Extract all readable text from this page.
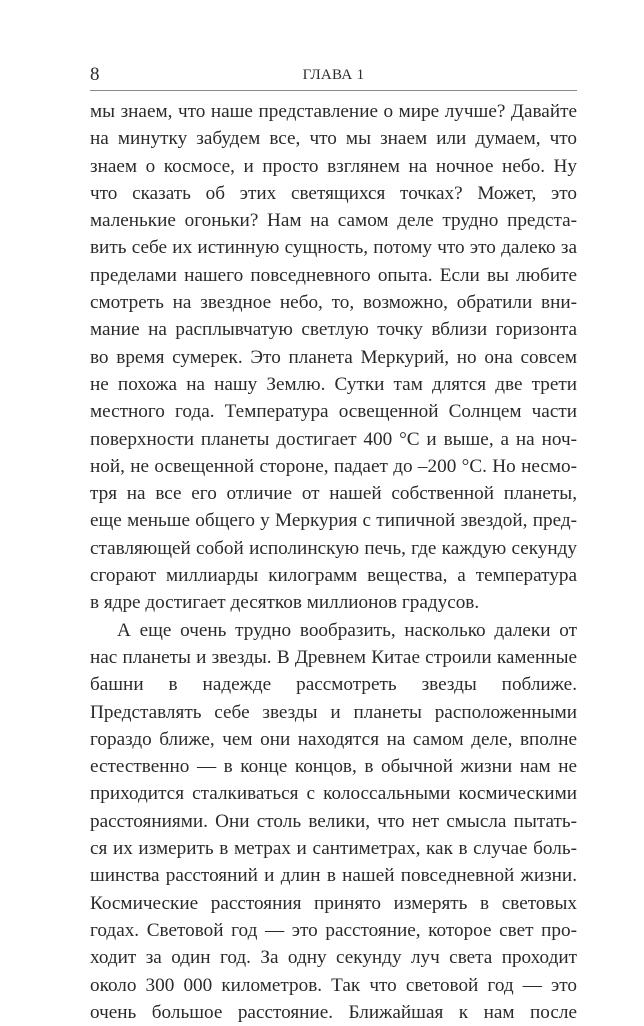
8	ГЛАВА 1
мы знаем, что наше представление о мире лучше? Давайте
на минутку забудем все, что мы знаем или думаем, что
знаем о космосе, и просто взглянем на ночное небо. Ну
что сказать об этих светящихся точках? Может, это
маленькие огоньки? Нам на самом деле трудно предста-
вить себе их истинную сущность, потому что это далеко за
пределами нашего повседневного опыта. Если вы любите
смотреть на звездное небо, то, возможно, обратили вни-
мание на расплывчатую светлую точку вблизи горизонта
во время сумерек. Это планета Меркурий, но она совсем
не похожа на нашу Землю. Сутки там длятся две трети
местного года. Температура освещенной Солнцем части
поверхности планеты достигает 400 °C и выше, а на ноч-
ной, не освещенной стороне, падает до –200 °C. Но несмо-
тря на все его отличие от нашей собственной планеты,
еще меньше общего у Меркурия с типичной звездой, пред-
ставляющей собой исполинскую печь, где каждую секунду
сгорают миллиарды килограмм вещества, а температура
в ядре достигает десятков миллионов градусов.
А еще очень трудно вообразить, насколько далеки от
нас планеты и звезды. В Древнем Китае строили каменные
башни в надежде рассмотреть звезды поближе.
Представлять себе звезды и планеты расположенными
гораздо ближе, чем они находятся на самом деле, вполне
естественно — в конце концов, в обычной жизни нам не
приходится сталкиваться с колоссальными космическими
расстояниями. Они столь велики, что нет смысла пытать-
ся их измерить в метрах и сантиметрах, как в случае боль-
шинства расстояний и длин в нашей повседневной жизни.
Космические расстояния принято измерять в световых
годах. Световой год — это расстояние, которое свет про-
ходит за один год. За одну секунду луч света проходит
около 300 000 километров. Так что световой год — это
очень большое расстояние. Ближайшая к нам после
